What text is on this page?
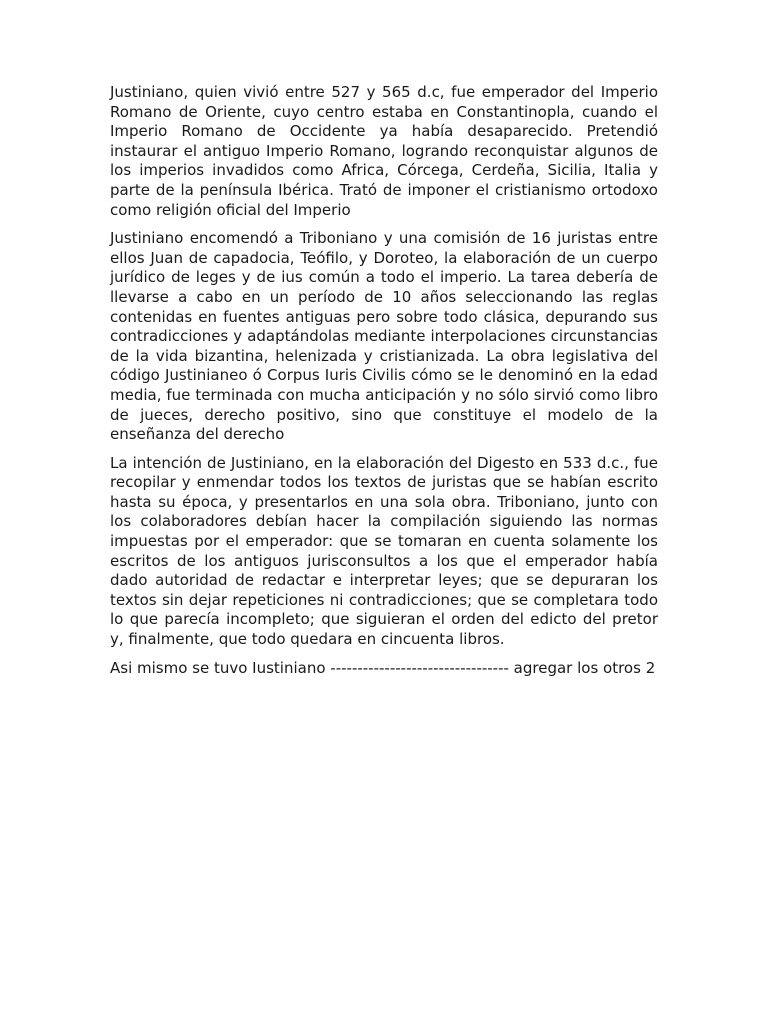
Justiniano, quien vivió entre 527 y 565 d.c, fue emperador del Imperio Romano de Oriente, cuyo centro estaba en Constantinopla, cuando el Imperio Romano de Occidente ya había desaparecido. Pretendió instaurar el antiguo Imperio Romano, logrando reconquistar algunos de los imperios invadidos como Africa, Córcega, Cerdeña, Sicilia, Italia y parte de la península Ibérica. Trató de imponer el cristianismo ortodoxo como religión oficial del Imperio

Justiniano encomendó a Triboniano y una comisión de 16 juristas entre ellos Juan de capadocia, Teófilo, y Doroteo, la elaboración de un cuerpo jurídico de leges y de ius común a todo el imperio. La tarea debería de llevarse a cabo en un período de 10 años seleccionando las reglas contenidas en fuentes antiguas pero sobre todo clásica, depurando sus contradicciones y adaptándolas mediante interpolaciones circunstancias de la vida bizantina, helenizada y cristianizada. La obra legislativa del código Justinianeo ó Corpus Iuris Civilis cómo se le denominó en la edad media, fue terminada con mucha anticipación y no sólo sirvió como libro de jueces, derecho positivo, sino que constituye el modelo de la enseñanza del derecho

La intención de Justiniano, en la elaboración del Digesto en 533 d.c., fue recopilar y enmendar todos los textos de juristas que se habían escrito hasta su época, y presentarlos en una sola obra. Triboniano, junto con los colaboradores debían hacer la compilación siguiendo las normas impuestas por el emperador: que se tomaran en cuenta solamente los escritos de los antiguos jurisconsultos a los que el emperador había dado autoridad de redactar e interpretar leyes; que se depuraran los textos sin dejar repeticiones ni contradicciones; que se completara todo lo que parecía incompleto; que siguieran el orden del edicto del pretor y, finalmente, que todo quedara en cincuenta libros.

Asi mismo se tuvo Iustiniano --------------------------------- agregar los otros 2
